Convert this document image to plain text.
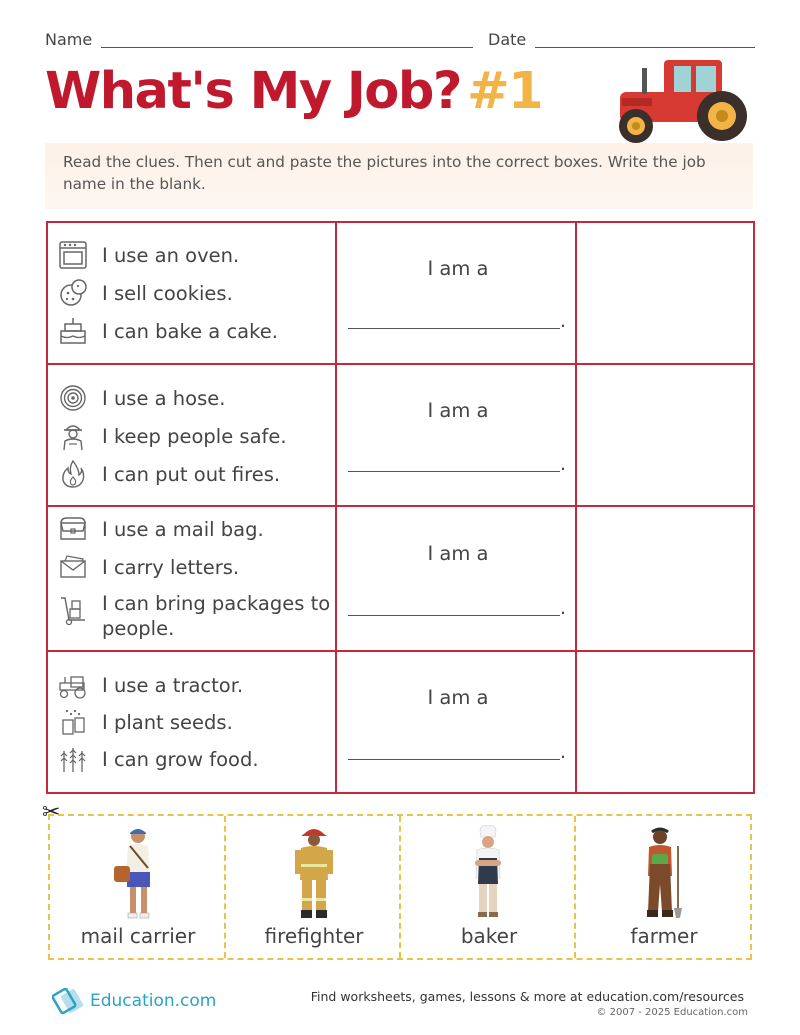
Name	Date
What's My Job? #1
Read the clues. Then cut and paste the pictures into the correct boxes. Write the job name in the blank.
I use an oven.
I sell cookies.
I can bake a cake.
I am a
.
I use a hose.
I keep people safe.
I can put out fires.
I am a
.
I use a mail bag.
I carry letters.
I can bring packages to people.
I am a
.
I use a tractor.
I plant seeds.
I can grow food.
I am a
.
✂
mail carrier	firefighter	baker	farmer
Education.com	Find worksheets, games, lessons & more at education.com/resources
© 2007 - 2025 Education.com
